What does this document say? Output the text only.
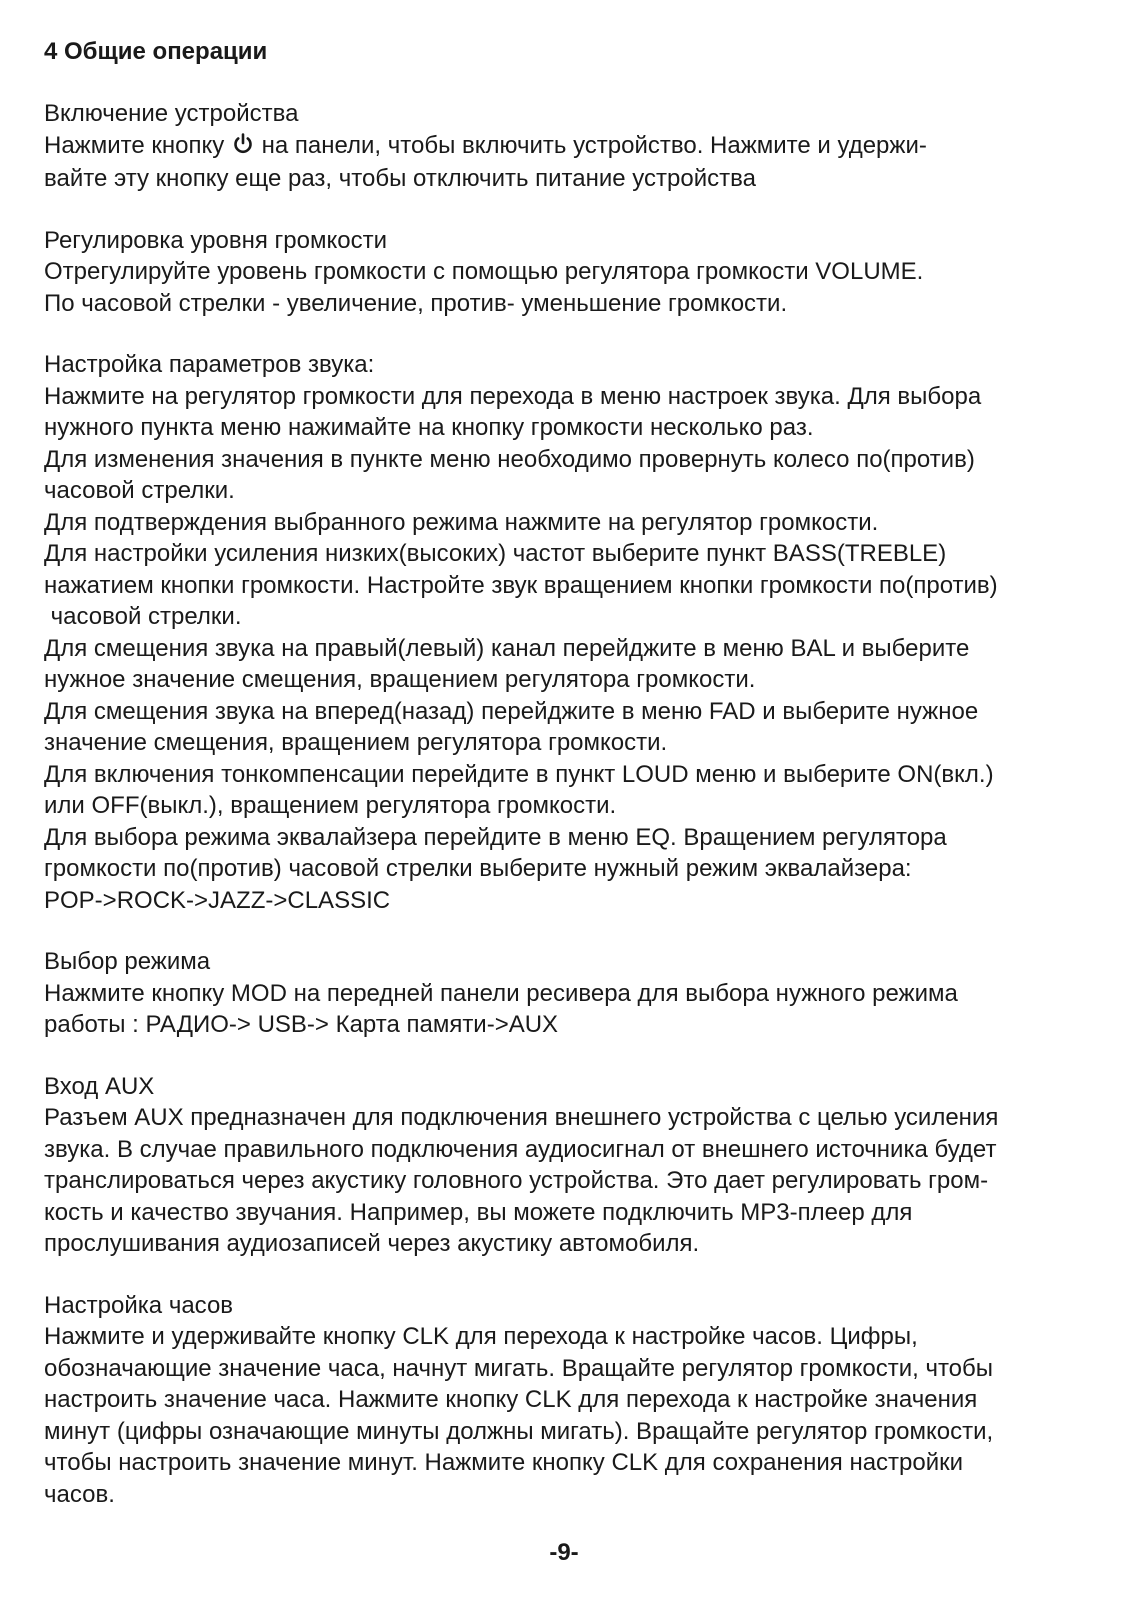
4 Общие операции

Включение устройства

Нажмите кнопку  на панели, чтобы включить устройство. Нажмите и удержи-

вайте эту кнопку еще раз, чтобы отключить питание устройства

Регулировка уровня громкости

Отрегулируйте уровень громкости с помощью регулятора громкости VOLUME.

По часовой стрелки - увеличение, против- уменьшение громкости.

Настройка параметров звука:

Нажмите на регулятор громкости для перехода в меню настроек звука. Для выбора

нужного пункта меню нажимайте на кнопку громкости несколько раз.

Для изменения значения в пункте меню необходимо провернуть колесо по(против)

часовой стрелки.

Для подтверждения выбранного режима нажмите на регулятор громкости.

Для настройки усиления низких(высоких) частот выберите пункт BASS(TREBLE)

нажатием кнопки громкости. Настройте звук вращением кнопки громкости по(против)

часовой стрелки.

Для смещения звука на правый(левый) канал перейджите в меню BAL и выберите

нужное значение смещения, вращением регулятора громкости.

Для смещения звука на вперед(назад) перейджите в меню FAD и выберите нужное

значение смещения, вращением регулятора громкости.

Для включения тонкомпенсации перейдите в пункт LOUD меню и выберите ON(вкл.)

или OFF(выкл.), вращением регулятора громкости.

Для выбора режима эквалайзера перейдите в меню EQ. Вращением регулятора

громкости по(против) часовой стрелки выберите нужный режим эквалайзера:

POP->ROCK->JAZZ->CLASSIC

Выбор режима

Нажмите кнопку MOD на передней панели ресивера для выбора нужного режима

работы : РАДИО-> USB-> Карта памяти->AUX

Вход AUX

Разъем AUX предназначен для подключения внешнего устройства с целью усиления

звука. В случае правильного подключения аудиосигнал от внешнего источника будет

транслироваться через акустику головного устройства. Это дает регулировать гром-

кость и качество звучания. Например, вы можете подключить MP3-плеер для

прослушивания аудиозаписей через акустику автомобиля.

Настройка часов

Нажмите и удерживайте кнопку CLK для перехода к настройке часов. Цифры,

обозначающие значение часа, начнут мигать. Вращайте регулятор громкости, чтобы

настроить значение часа. Нажмите кнопку CLK для перехода к настройке значения

минут (цифры означающие минуты должны мигать). Вращайте регулятор громкости,

чтобы настроить значение минут. Нажмите кнопку CLK для сохранения настройки

часов.

-9-
